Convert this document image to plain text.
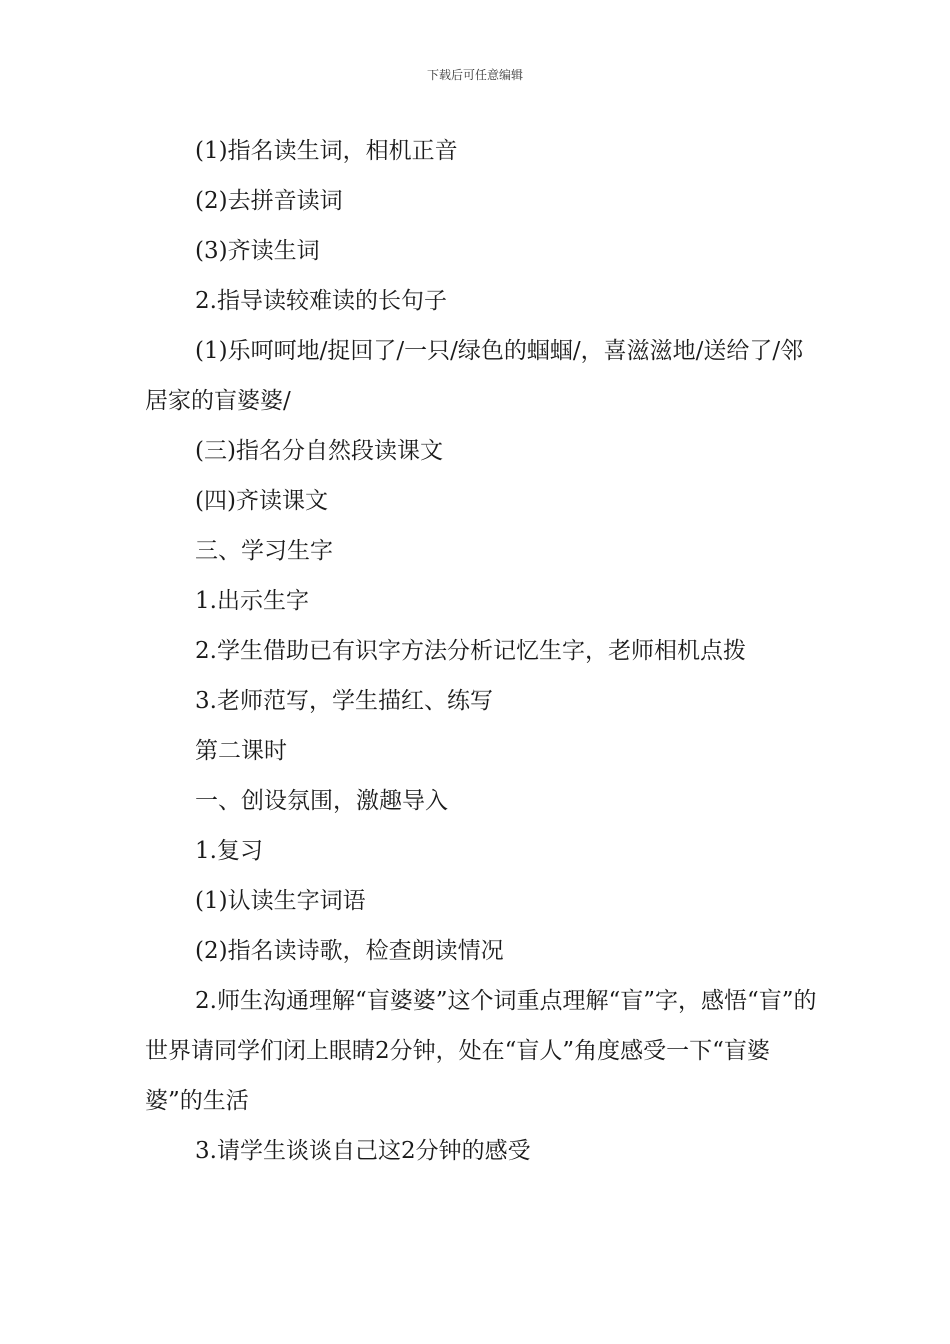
下载后可任意编辑

(1)指名读生词，相机正音

(2)去拼音读词

(3)齐读生词

2.指导读较难读的长句子

(1)乐呵呵地/捉回了/一只/绿色的蝈蝈/，喜滋滋地/送给了/邻居家的盲婆婆/

(三)指名分自然段读课文

(四)齐读课文

三、学习生字

1.出示生字

2.学生借助已有识字方法分析记忆生字，老师相机点拨

3.老师范写，学生描红、练写

第二课时

一、创设氛围，激趣导入

1.复习

(1)认读生字词语

(2)指名读诗歌，检查朗读情况

2.师生沟通理解“盲婆婆”这个词重点理解“盲”字，感悟“盲”的世界请同学们闭上眼睛2分钟，处在“盲人”角度感受一下“盲婆婆”的生活

3.请学生谈谈自己这2分钟的感受
